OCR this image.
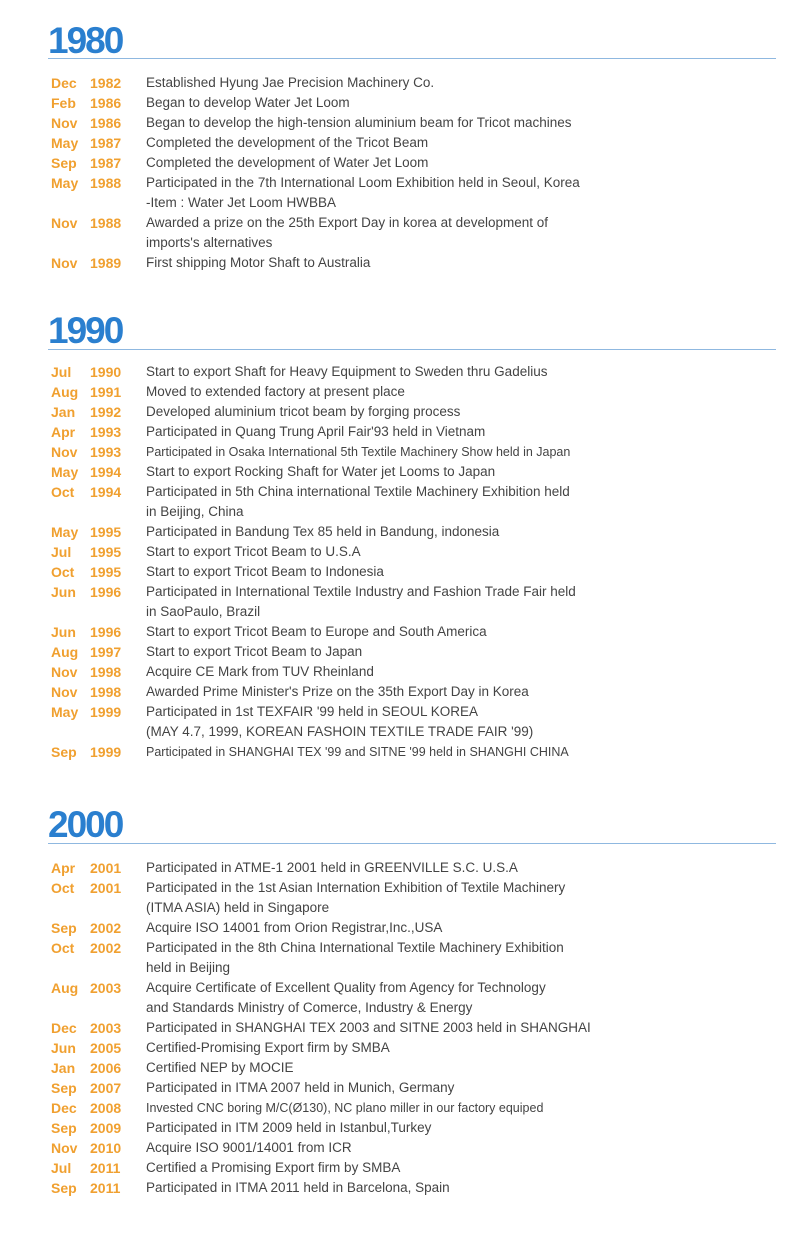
1980
Dec 1982	Established Hyung Jae Precision Machinery Co.
Feb	1986	Began to develop Water Jet Loom
Nov 1986	Began to develop the high-tension aluminium beam for Tricot machines
May 1987	Completed the development of the Tricot Beam
Sep 1987	Completed the development of Water Jet Loom
May 1988	Participated in the 7th International Loom Exhibition held in Seoul, Korea
-Item : Water Jet Loom HWBBA
Nov 1988	Awarded a prize on the 25th Export Day in korea at development of
imports's alternatives
Nov 1989	First shipping Motor Shaft to Australia
1990
Jul	1990	Start to export Shaft for Heavy Equipment to Sweden thru Gadelius
Aug 1991	Moved to extended factory at present place
Jan	1992	Developed aluminium tricot beam by forging process
Apr	1993	Participated in Quang Trung April Fair'93 held in Vietnam
Nov 1993	Participated in Osaka International 5th Textile Machinery Show held in Japan
May 1994	Start to export Rocking Shaft for Water jet Looms to Japan
Oct	1994	Participated in 5th China international Textile Machinery Exhibition held
in Beijing, China
May 1995	Participated in Bandung Tex 85 held in Bandung, indonesia
Jul	1995	Start to export Tricot Beam to U.S.A
Oct	1995	Start to export Tricot Beam to Indonesia
Jun	1996	Participated in International Textile Industry and Fashion Trade Fair held
in SaoPaulo, Brazil
Jun	1996	Start to export Tricot Beam to Europe and South America
Aug 1997	Start to export Tricot Beam to Japan
Nov 1998	Acquire CE Mark from TUV Rheinland
Nov 1998	Awarded Prime Minister's Prize on the 35th Export Day in Korea
May 1999	Participated in 1st TEXFAIR '99 held in SEOUL KOREA
(MAY 4.7, 1999, KOREAN FASHOIN TEXTILE TRADE FAIR '99)
Sep 1999	Participated in SHANGHAI TEX '99 and SITNE '99 held in SHANGHI CHINA
2000
Apr	2001	Participated in ATME-1 2001 held in GREENVILLE S.C. U.S.A
Oct	2001	Participated in the 1st Asian Internation Exhibition of Textile Machinery
(ITMA ASIA) held in Singapore
Sep 2002	Acquire ISO 14001 from Orion Registrar,Inc.,USA
Oct	2002	Participated in the 8th China International Textile Machinery Exhibition
held in Beijing
Aug 2003	Acquire Certificate of Excellent Quality from Agency for Technology
and Standards Ministry of Comerce, Industry & Energy
Dec 2003	Participated in SHANGHAI TEX 2003 and SITNE 2003 held in SHANGHAI
Jun	2005	Certified-Promising Export firm by SMBA
Jan	2006	Certified NEP by MOCIE
Sep 2007	Participated in ITMA 2007 held in Munich, Germany
Dec 2008	Invested CNC boring M/C(Ø130), NC plano miller in our factory equiped
Sep 2009	Participated in ITM 2009 held in Istanbul,Turkey
Nov 2010	Acquire ISO 9001/14001 from ICR
Jul	2011	Certified a Promising Export firm by SMBA
Sep 2011	Participated in ITMA 2011 held in Barcelona, Spain
